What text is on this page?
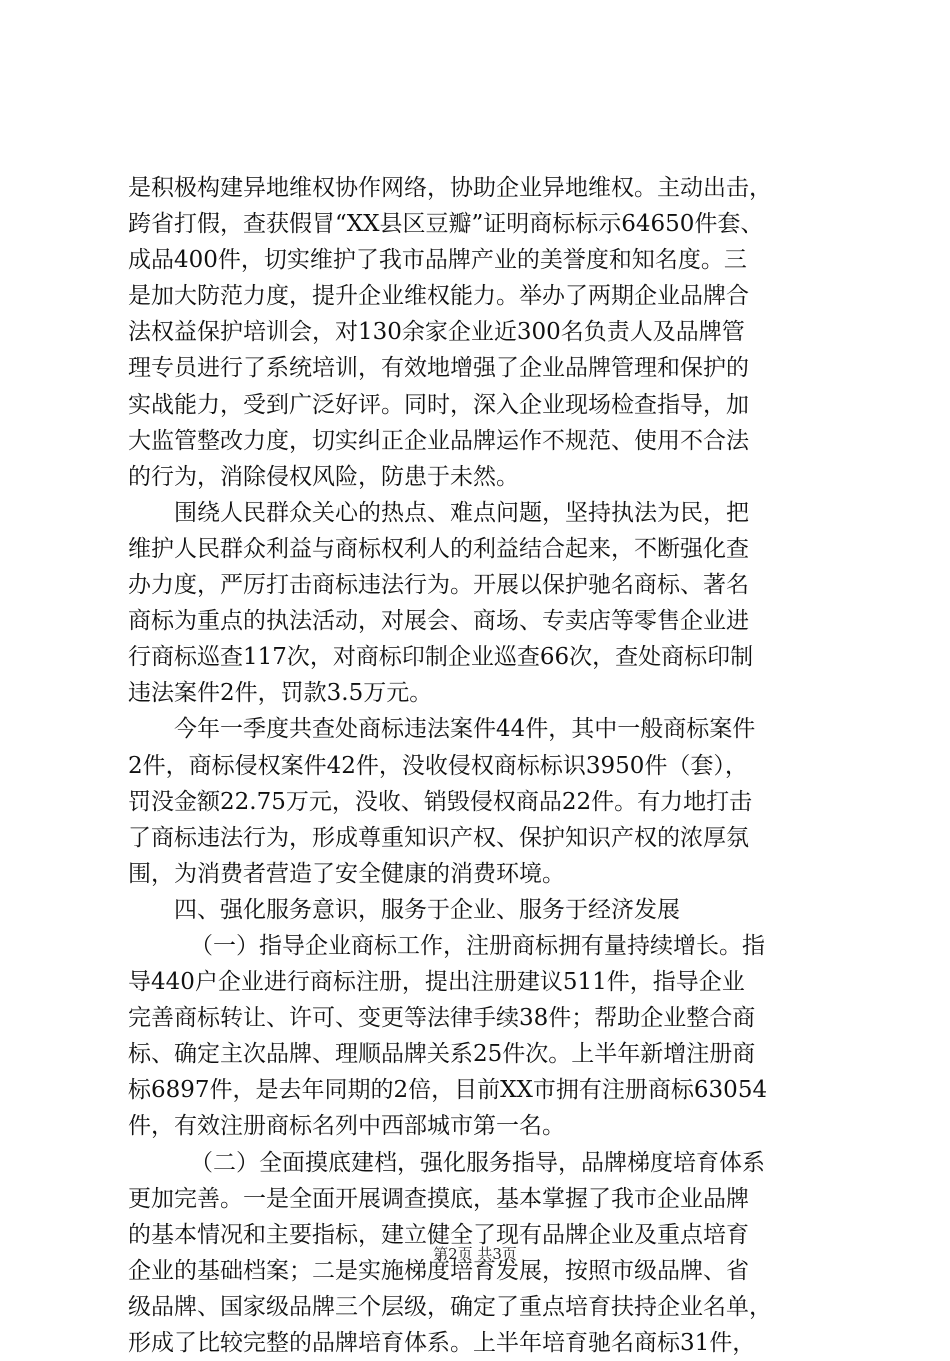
是积极构建异地维权协作网络，协助企业异地维权。主动出击，
跨省打假，查获假冒“XX县区豆瓣”证明商标标示64650件套、
成品400件，切实维护了我市品牌产业的美誉度和知名度。三
是加大防范力度，提升企业维权能力。举办了两期企业品牌合
法权益保护培训会，对130余家企业近300名负责人及品牌管
理专员进行了系统培训，有效地增强了企业品牌管理和保护的
实战能力，受到广泛好评。同时，深入企业现场检查指导，加
大监管整改力度，切实纠正企业品牌运作不规范、使用不合法
的行为，消除侵权风险，防患于未然。
围绕人民群众关心的热点、难点问题，坚持执法为民，把
维护人民群众利益与商标权利人的利益结合起来，不断强化查
办力度，严厉打击商标违法行为。开展以保护驰名商标、著名
商标为重点的执法活动，对展会、商场、专卖店等零售企业进
行商标巡查117次，对商标印制企业巡查66次，查处商标印制
违法案件2件，罚款3.5万元。
今年一季度共查处商标违法案件44件，其中一般商标案件
2件，商标侵权案件42件，没收侵权商标标识3950件（套），
罚没金额22.75万元，没收、销毁侵权商品22件。有力地打击
了商标违法行为，形成尊重知识产权、保护知识产权的浓厚氛
围，为消费者营造了安全健康的消费环境。
四、强化服务意识，服务于企业、服务于经济发展
（一）指导企业商标工作，注册商标拥有量持续增长。指
导440户企业进行商标注册，提出注册建议511件，指导企业
完善商标转让、许可、变更等法律手续38件；帮助企业整合商
标、确定主次品牌、理顺品牌关系25件次。上半年新增注册商
标6897件，是去年同期的2倍，目前XX市拥有注册商标63054
件，有效注册商标名列中西部城市第一名。
（二）全面摸底建档，强化服务指导，品牌梯度培育体系
更加完善。一是全面开展调查摸底，基本掌握了我市企业品牌
的基本情况和主要指标，建立健全了现有品牌企业及重点培育
企业的基础档案；二是实施梯度培育发展，按照市级品牌、省
级品牌、国家级品牌三个层级，确定了重点培育扶持企业名单，
形成了比较完整的品牌培育体系。上半年培育驰名商标31件，
第2页 共3页
